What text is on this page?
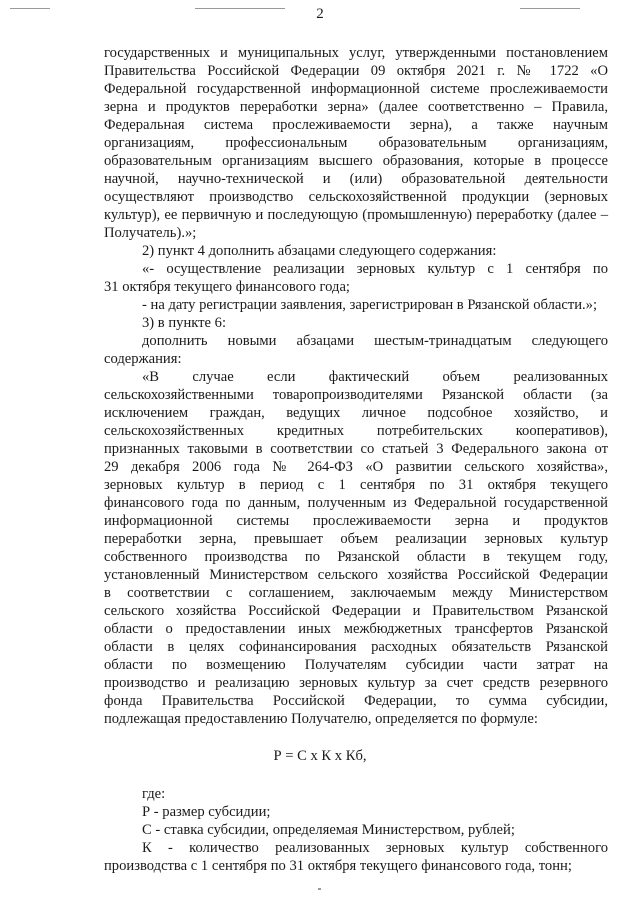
2
государственных и муниципальных услуг, утвержденными постановлением
Правительства Российской Федерации 09 октября 2021 г. № 1722 «О
Федеральной государственной информационной системе прослеживаемости
зерна и продуктов переработки зерна» (далее соответственно – Правила,
Федеральная система прослеживаемости зерна), а также научным
организациям, профессиональным образовательным организациям,
образовательным организациям высшего образования, которые в процессе
научной, научно-технической и (или) образовательной деятельности
осуществляют производство сельскохозяйственной продукции (зерновых
культур), ее первичную и последующую (промышленную) переработку (далее –
Получатель).»;
2) пункт 4 дополнить абзацами следующего содержания:
«- осуществление реализации зерновых культур с 1 сентября по
31 октября текущего финансового года;
- на дату регистрации заявления, зарегистрирован в Рязанской области.»;
3) в пункте 6:
дополнить новыми абзацами шестым-тринадцатым следующего
содержания:
«В случае если фактический объем реализованных
сельскохозяйственными товаропроизводителями Рязанской области (за
исключением граждан, ведущих личное подсобное хозяйство, и
сельскохозяйственных кредитных потребительских кооперативов),
признанных таковыми в соответствии со статьей 3 Федерального закона от
29 декабря 2006 года № 264-ФЗ «О развитии сельского хозяйства»,
зерновых культур в период с 1 сентября по 31 октября текущего
финансового года по данным, полученным из Федеральной государственной
информационной системы прослеживаемости зерна и продуктов
переработки зерна, превышает объем реализации зерновых культур
собственного производства по Рязанской области в текущем году,
установленный Министерством сельского хозяйства Российской Федерации
в соответствии с соглашением, заключаемым между Министерством
сельского хозяйства Российской Федерации и Правительством Рязанской
области о предоставлении иных межбюджетных трансфертов Рязанской
области в целях софинансирования расходных обязательств Рязанской
области по возмещению Получателям субсидии части затрат на
производство и реализацию зерновых культур за счет средств резервного
фонда Правительства Российской Федерации, то сумма субсидии,
подлежащая предоставлению Получателю, определяется по формуле:
Р = С х К х Кб,
где:
Р - размер субсидии;
С - ставка субсидии, определяемая Министерством, рублей;
К - количество реализованных зерновых культур собственного
производства с 1 сентября по 31 октября текущего финансового года, тонн;
